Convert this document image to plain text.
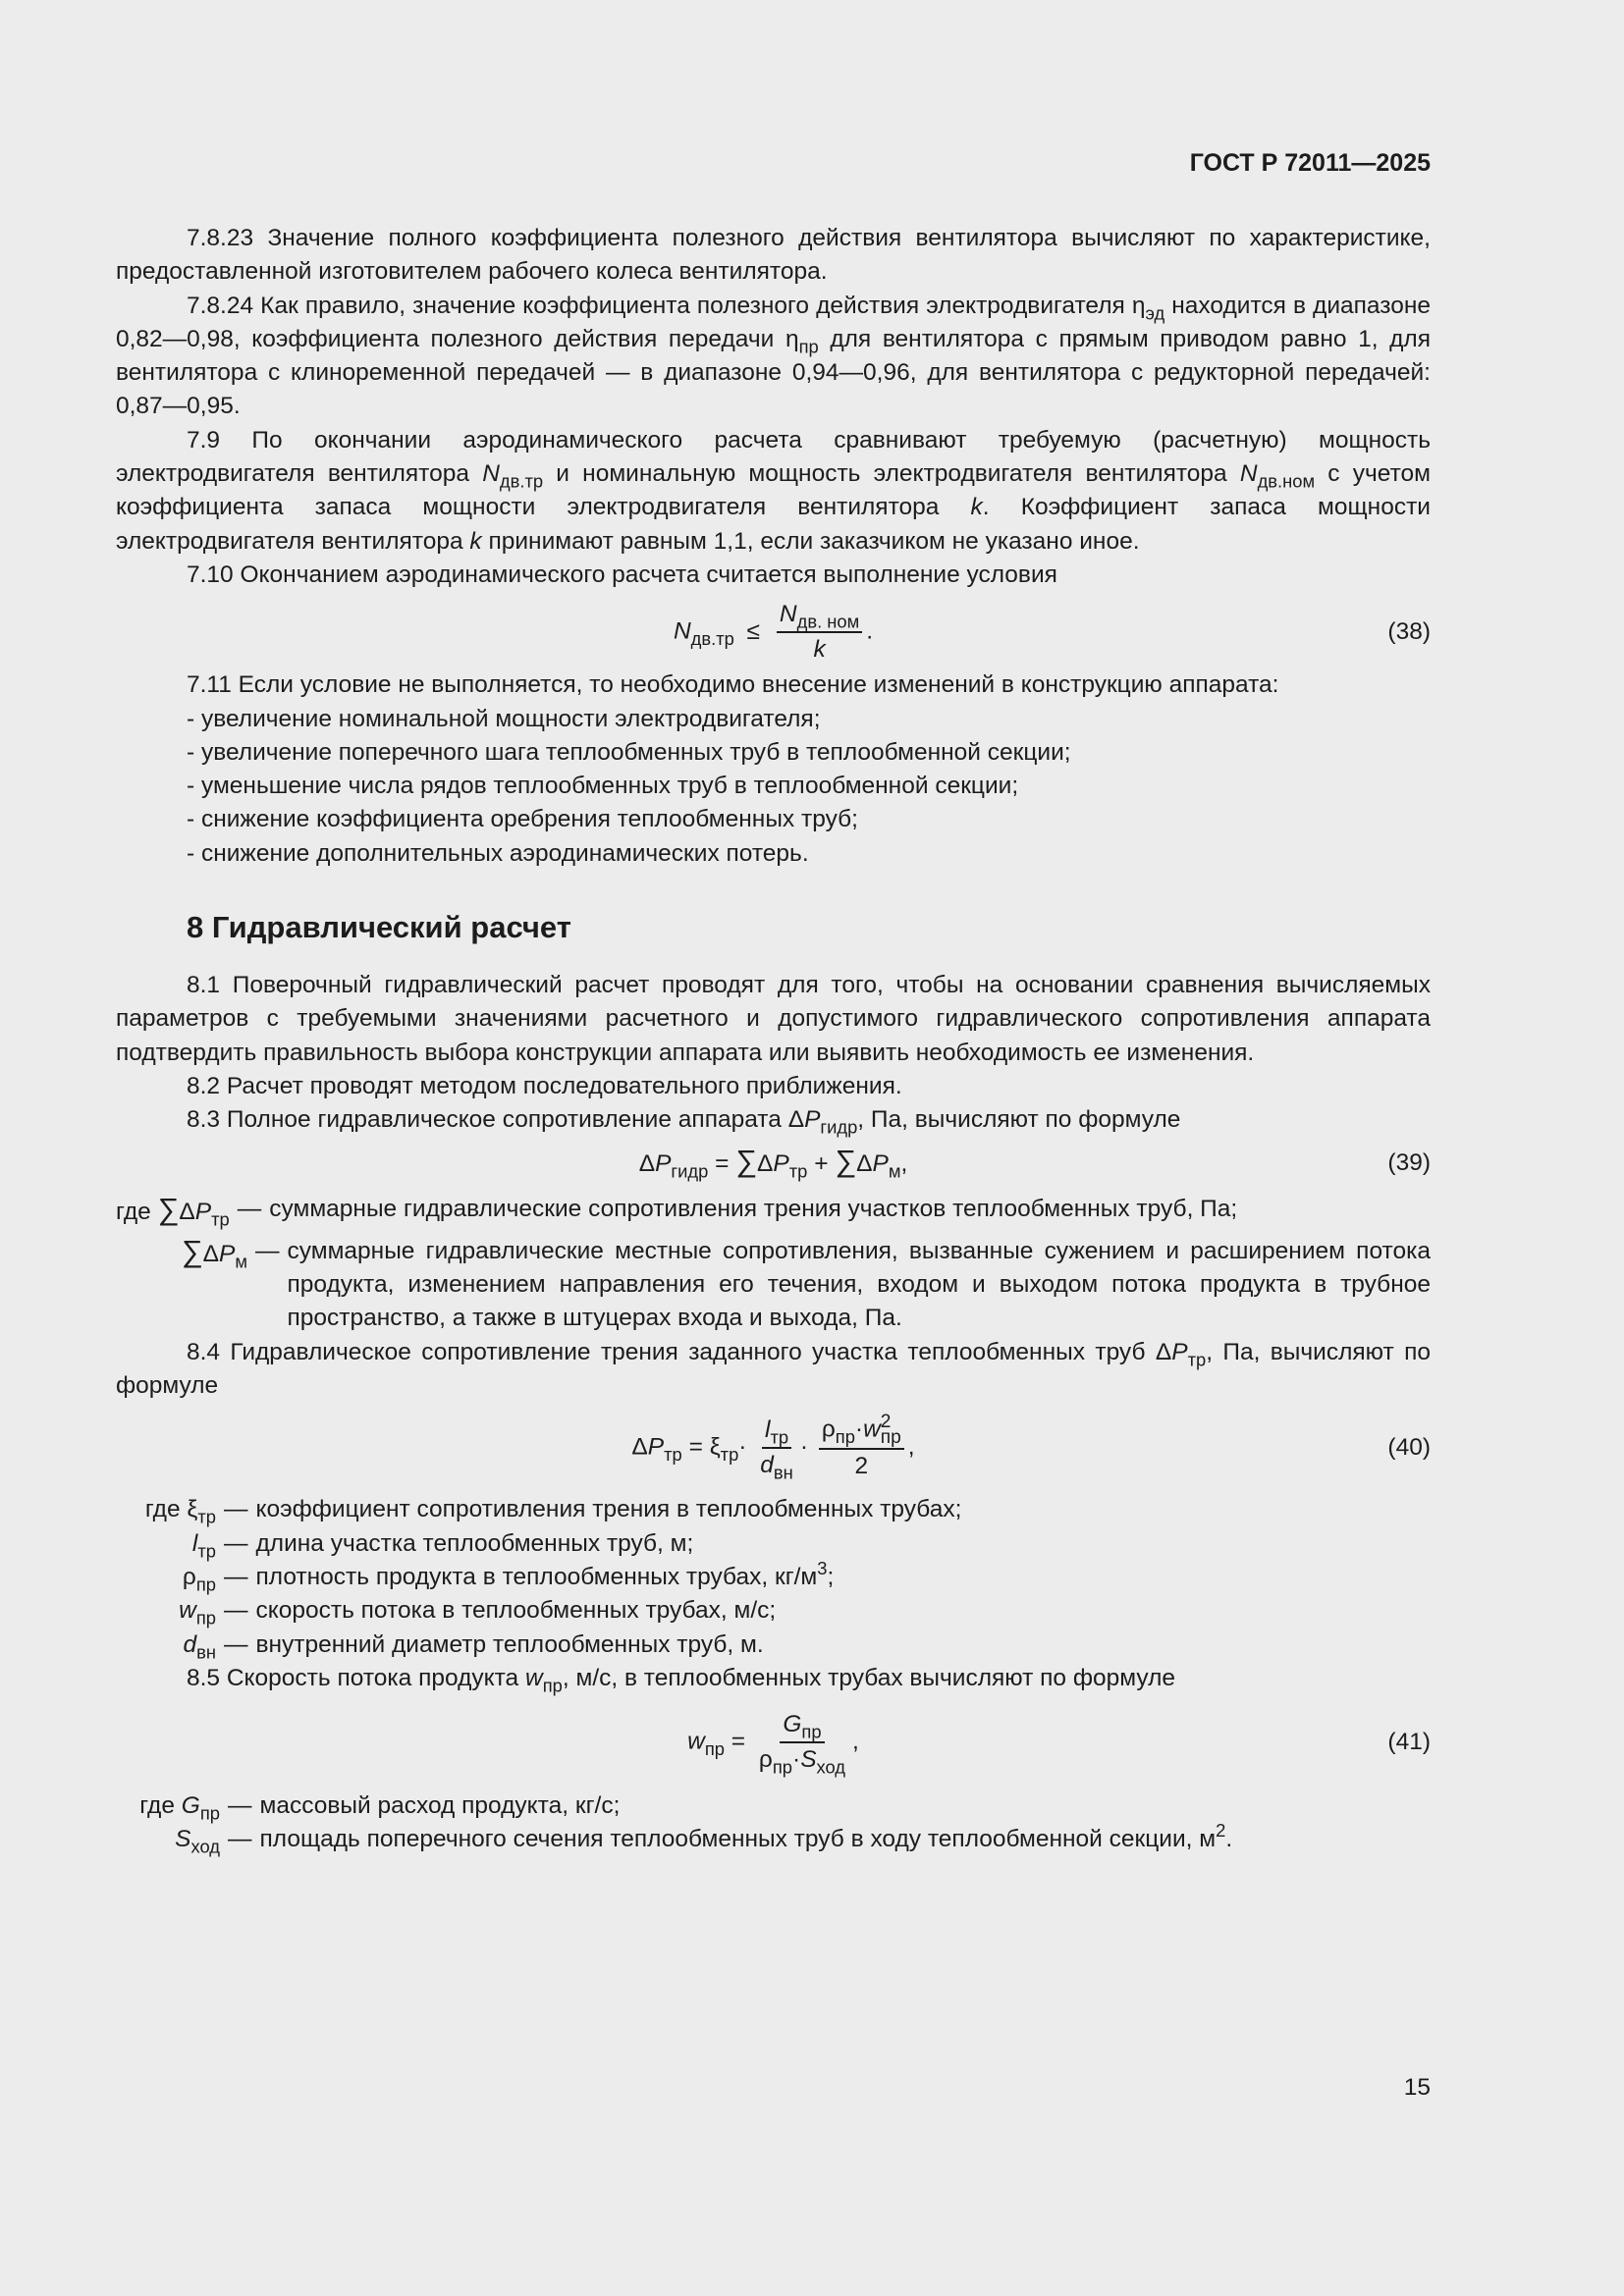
ГОСТ Р 72011—2025

7.8.23 Значение полного коэффициента полезного действия вентилятора вычисляют по характеристике, предоставленной изготовителем рабочего колеса вентилятора.

7.8.24 Как правило, значение коэффициента полезного действия электродвигателя $\eta_{эд}$ находится в диапазоне 0,82—0,98, коэффициента полезного действия передачи $\eta_{пр}$ для вентилятора с прямым приводом равно 1, для вентилятора с клиноременной передачей — в диапазоне 0,94—0,96, для вентилятора с редукторной передачей: 0,87—0,95.

7.9 По окончании аэродинамического расчета сравнивают требуемую (расчетную) мощность электродвигателя вентилятора $N_{дв.тр}$ и номинальную мощность электродвигателя вентилятора $N_{дв.ном}$ с учетом коэффициента запаса мощности электродвигателя вентилятора k. Коэффициент запаса мощности электродвигателя вентилятора k принимают равным 1,1, если заказчиком не указано иное.

7.10 Окончанием аэродинамического расчета считается выполнение условия

$N_{дв.тр} \le \frac{N_{дв. ном}}{k}$ .	(38)

7.11 Если условие не выполняется, то необходимо внесение изменений в конструкцию аппарата:

- увеличение номинальной мощности электродвигателя;

- увеличение поперечного шага теплообменных труб в теплообменной секции;

- уменьшение числа рядов теплообменных труб в теплообменной секции;

- снижение коэффициента оребрения теплообменных труб;

- снижение дополнительных аэродинамических потерь.

8 Гидравлический расчет

8.1 Поверочный гидравлический расчет проводят для того, чтобы на основании сравнения вычисляемых параметров с требуемыми значениями расчетного и допустимого гидравлического сопротивления аппарата подтвердить правильность выбора конструкции аппарата или выявить необходимость ее изменения.

8.2 Расчет проводят методом последовательного приближения.

8.3 Полное гидравлическое сопротивление аппарата $\Delta P_{гидр}$, Па, вычисляют по формуле

$\Delta P_{гидр} = \sum\Delta P_{тр} + \sum\Delta P_м$,	(39)
где $\sum\Delta P_{тр}$ — суммарные гидравлические сопротивления трения участков теплообменных труб, Па;
$\sum\Delta P_м$ — суммарные гидравлические местные сопротивления, вызванные сужением и расширением потока продукта, изменением направления его течения, входом и выходом потока продукта в трубное пространство, а также в штуцерах входа и выхода, Па.

8.4 Гидравлическое сопротивление трения заданного участка теплообменных труб $\Delta P_{тр}$, Па, вычисляют по формуле

$\Delta P_{тр} = \xi_{тр}\cdot \frac{l_{тр}}{d_{вн}} \cdot \rho_{пр}\cdot w$ 2
пр
2 ,	(40)
где $\xi_{тр}$ — коэффициент сопротивления трения в теплообменных трубах;
$l_{тр}$ — длина участка теплообменных труб, м;
$\rho_{пр}$ — плотность продукта в теплообменных трубах, $кг/м^3$;
$w_{пр}$ — скорость потока в теплообменных трубах, м/с;
$d_{вн}$ — внутренний диаметр теплообменных труб, м.

8.5 Скорость потока продукта $w_{пр}$, м/с, в теплообменных трубах вычисляют по формуле

$w_{пр} = \frac{G_{пр}}{\rho_{пр}\cdot S_{ход}}$ ,	(41)
где $G_{пр}$ — массовый расход продукта, кг/с;
$S_{ход}$ — площадь поперечного сечения теплообменных труб в ходу теплообменной секции, $м^2$.
15
